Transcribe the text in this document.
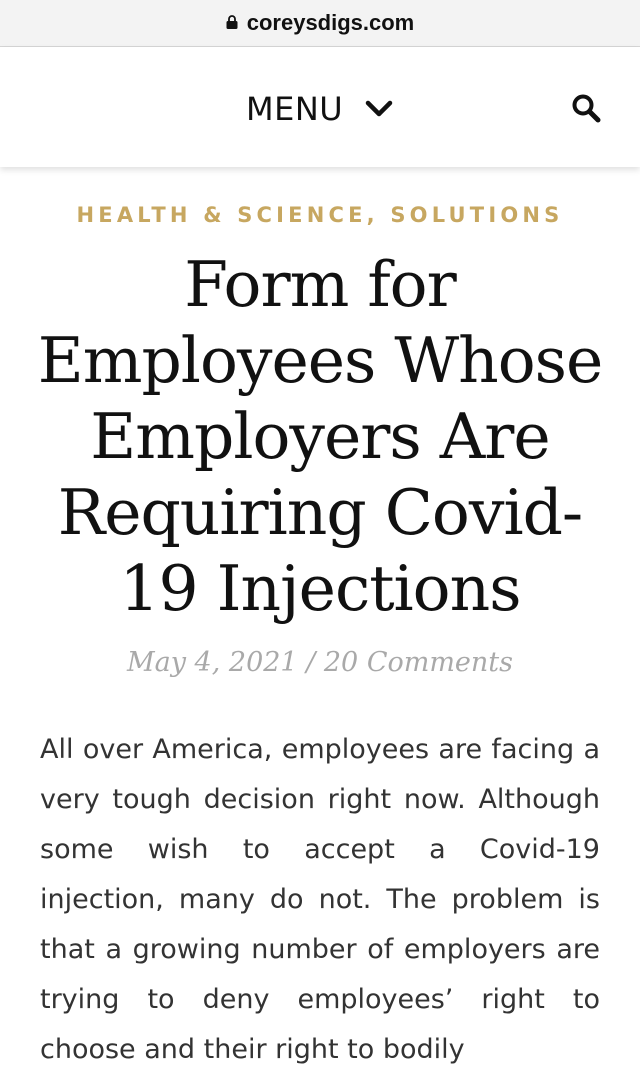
coreysdigs.com
MENU
HEALTH & SCIENCE, SOLUTIONS
Form for Employees Whose Employers Are Requiring Covid-19 Injections
May 4, 2021 / 20 Comments

All over America, employees are facing a very tough decision right now. Although some wish to accept a Covid-19 injection, many do not. The problem is that a growing number of employers are trying to deny employees’ right to choose and their right to bodily
